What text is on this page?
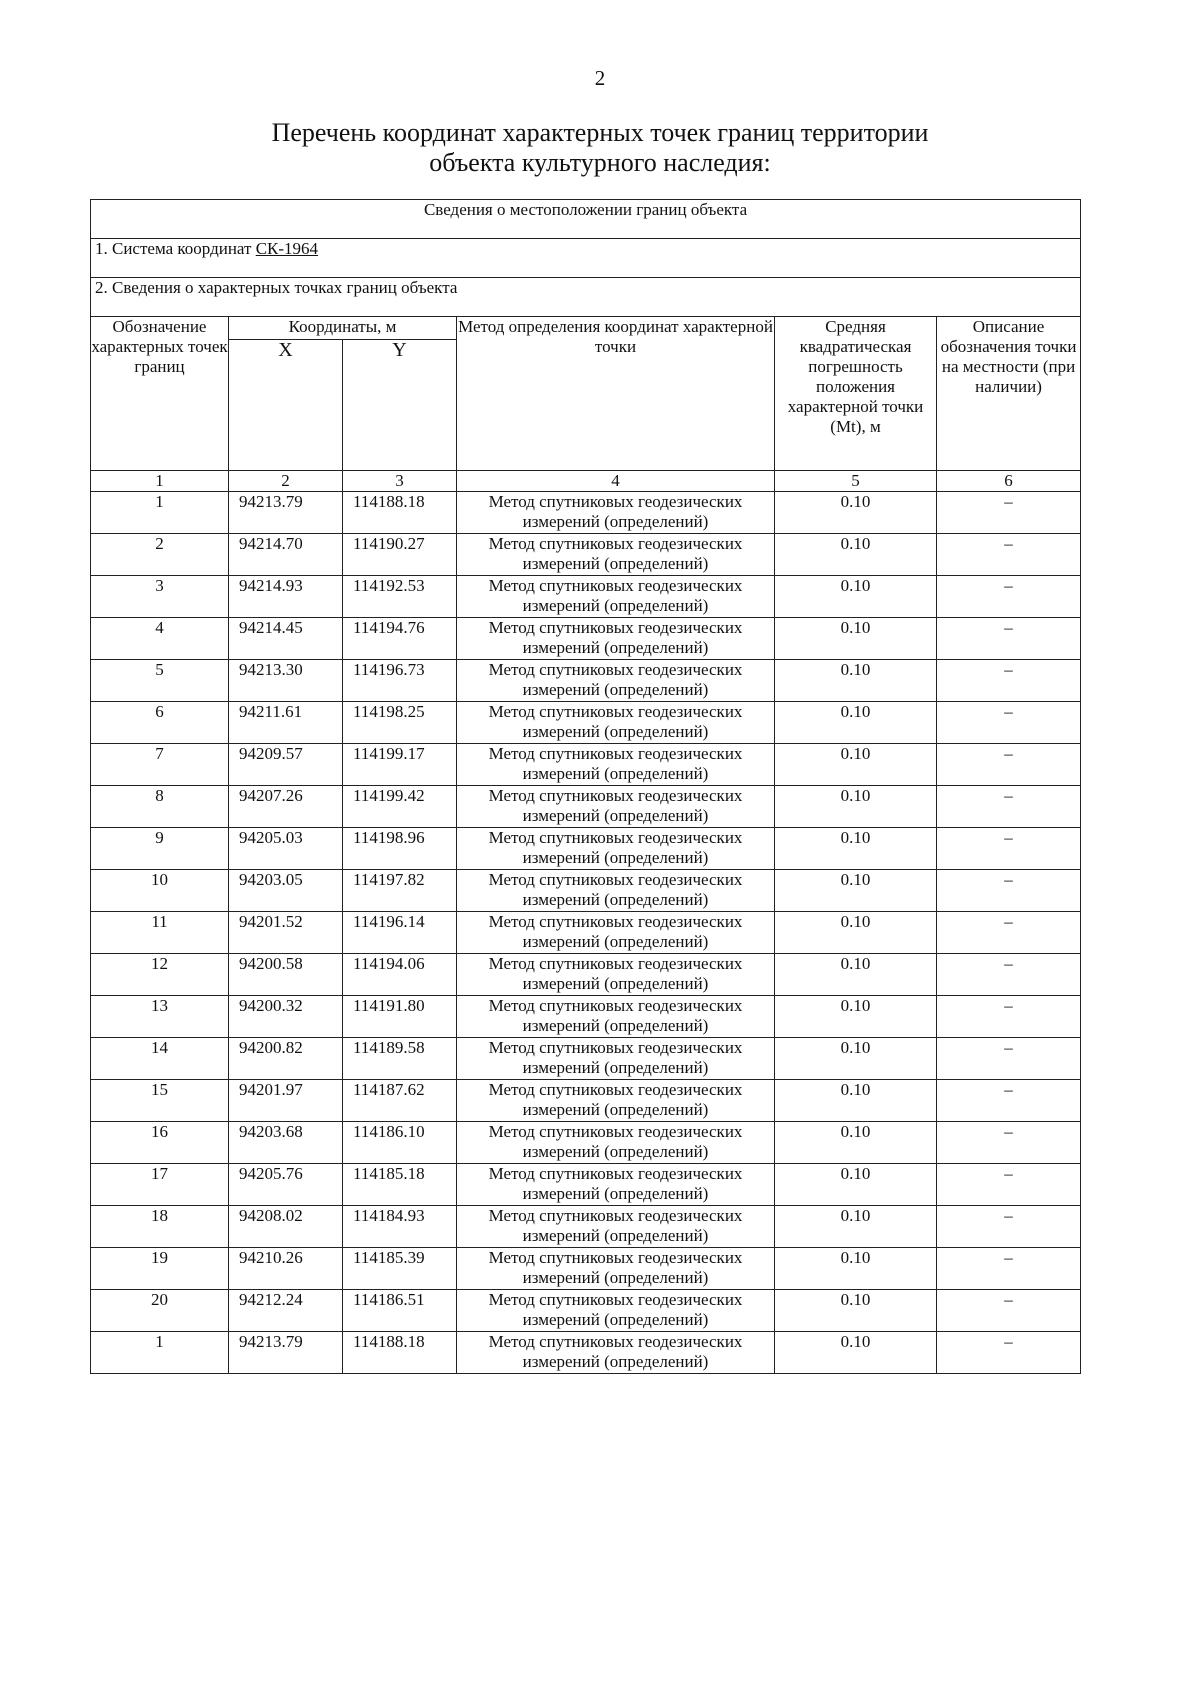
2
Перечень координат характерных точек границ территории
объекта культурного наследия:
Сведения о местоположении границ объекта					
1. Система координат СК-1964					
2. Сведения о характерных точках границ объекта					
Обозначение характерных точек границ	Координаты, м		Метод определения координат характерной точки	Средняя квадратическая погрешность положения характерной точки (Mt), м	Описание обозначения точки на местности (при наличии)
	X	Y			
1	2	3	4	5	6
1	94213.79	114188.18	Метод спутниковых геодезических измерений (определений)	0.10	–
2	94214.70	114190.27	Метод спутниковых геодезических измерений (определений)	0.10	–
3	94214.93	114192.53	Метод спутниковых геодезических измерений (определений)	0.10	–
4	94214.45	114194.76	Метод спутниковых геодезических измерений (определений)	0.10	–
5	94213.30	114196.73	Метод спутниковых геодезических измерений (определений)	0.10	–
6	94211.61	114198.25	Метод спутниковых геодезических измерений (определений)	0.10	–
7	94209.57	114199.17	Метод спутниковых геодезических измерений (определений)	0.10	–
8	94207.26	114199.42	Метод спутниковых геодезических измерений (определений)	0.10	–
9	94205.03	114198.96	Метод спутниковых геодезических измерений (определений)	0.10	–
10	94203.05	114197.82	Метод спутниковых геодезических измерений (определений)	0.10	–
11	94201.52	114196.14	Метод спутниковых геодезических измерений (определений)	0.10	–
12	94200.58	114194.06	Метод спутниковых геодезических измерений (определений)	0.10	–
13	94200.32	114191.80	Метод спутниковых геодезических измерений (определений)	0.10	–
14	94200.82	114189.58	Метод спутниковых геодезических измерений (определений)	0.10	–
15	94201.97	114187.62	Метод спутниковых геодезических измерений (определений)	0.10	–
16	94203.68	114186.10	Метод спутниковых геодезических измерений (определений)	0.10	–
17	94205.76	114185.18	Метод спутниковых геодезических измерений (определений)	0.10	–
18	94208.02	114184.93	Метод спутниковых геодезических измерений (определений)	0.10	–
19	94210.26	114185.39	Метод спутниковых геодезических измерений (определений)	0.10	–
20	94212.24	114186.51	Метод спутниковых геодезических измерений (определений)	0.10	–
1	94213.79	114188.18	Метод спутниковых геодезических измерений (определений)	0.10	–
